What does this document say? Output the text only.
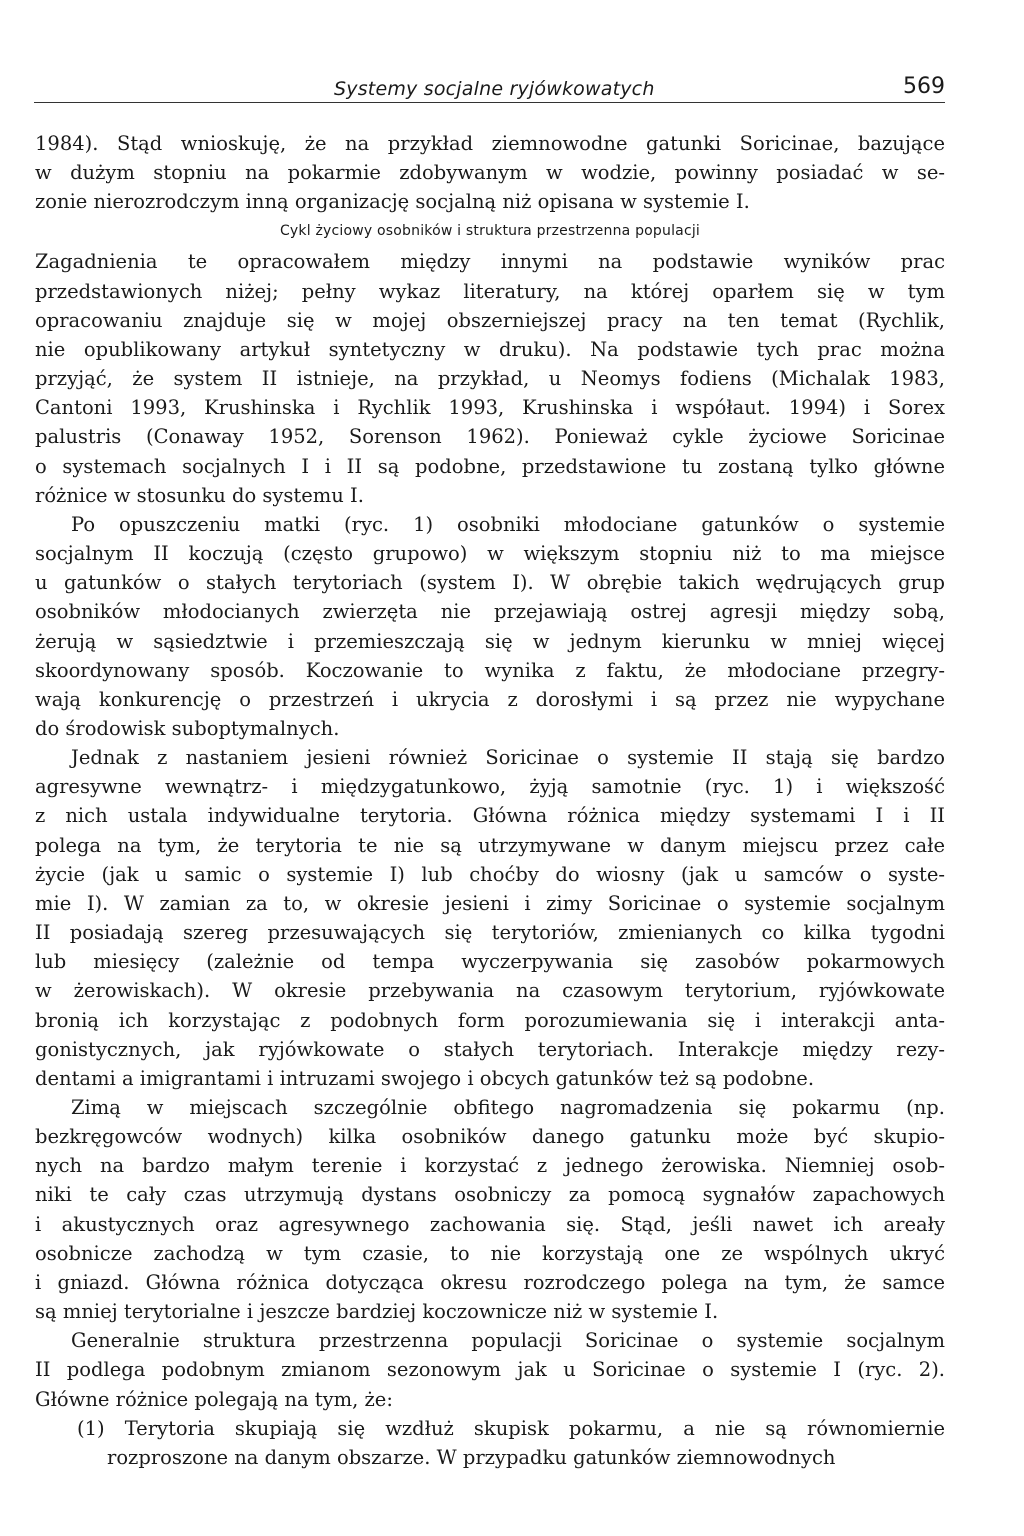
Systemy socjalne ryjówkowatych	569
1984). Stąd wnioskuję, że na przykład ziemnowodne gatunki Soricinae, bazujące
w dużym stopniu na pokarmie zdobywanym w wodzie, powinny posiadać w se-
zonie nierozrodczym inną organizację socjalną niż opisana w systemie I.
Cykl życiowy osobników i struktura przestrzenna populacji
Zagadnienia te opracowałem między innymi na podstawie wyników prac
przedstawionych niżej; pełny wykaz literatury, na której oparłem się w tym
opracowaniu znajduje się w mojej obszerniejszej pracy na ten temat (Rychlik,
nie opublikowany artykuł syntetyczny w druku). Na podstawie tych prac można
przyjąć, że system II istnieje, na przykład, u Neomys fodiens (Michalak 1983,
Cantoni 1993, Krushinska i Rychlik 1993, Krushinska i współaut. 1994) i Sorex
palustris (Conaway 1952, Sorenson 1962). Ponieważ cykle życiowe Soricinae
o systemach socjalnych I i II są podobne, przedstawione tu zostaną tylko główne
różnice w stosunku do systemu I.
Po opuszczeniu matki (ryc. 1) osobniki młodociane gatunków o systemie
socjalnym II koczują (często grupowo) w większym stopniu niż to ma miejsce
u gatunków o stałych terytoriach (system I). W obrębie takich wędrujących grup
osobników młodocianych zwierzęta nie przejawiają ostrej agresji między sobą,
żerują w sąsiedztwie i przemieszczają się w jednym kierunku w mniej więcej
skoordynowany sposób. Koczowanie to wynika z faktu, że młodociane przegry-
wają konkurencję o przestrzeń i ukrycia z dorosłymi i są przez nie wypychane
do środowisk suboptymalnych.
Jednak z nastaniem jesieni również Soricinae o systemie II stają się bardzo
agresywne wewnątrz- i międzygatunkowo, żyją samotnie (ryc. 1) i większość
z nich ustala indywidualne terytoria. Główna różnica między systemami I i II
polega na tym, że terytoria te nie są utrzymywane w danym miejscu przez całe
życie (jak u samic o systemie I) lub choćby do wiosny (jak u samców o syste-
mie I). W zamian za to, w okresie jesieni i zimy Soricinae o systemie socjalnym
II posiadają szereg przesuwających się terytoriów, zmienianych co kilka tygodni
lub miesięcy (zależnie od tempa wyczerpywania się zasobów pokarmowych
w żerowiskach). W okresie przebywania na czasowym terytorium, ryjówkowate
bronią ich korzystając z podobnych form porozumiewania się i interakcji anta-
gonistycznych, jak ryjówkowate o stałych terytoriach. Interakcje między rezy-
dentami a imigrantami i intruzami swojego i obcych gatunków też są podobne.
Zimą w miejscach szczególnie obfitego nagromadzenia się pokarmu (np.
bezkręgowców wodnych) kilka osobników danego gatunku może być skupio-
nych na bardzo małym terenie i korzystać z jednego żerowiska. Niemniej osob-
niki te cały czas utrzymują dystans osobniczy za pomocą sygnałów zapachowych
i akustycznych oraz agresywnego zachowania się. Stąd, jeśli nawet ich areały
osobnicze zachodzą w tym czasie, to nie korzystają one ze wspólnych ukryć
i gniazd. Główna różnica dotycząca okresu rozrodczego polega na tym, że samce
są mniej terytorialne i jeszcze bardziej koczownicze niż w systemie I.
Generalnie struktura przestrzenna populacji Soricinae o systemie socjalnym
II podlega podobnym zmianom sezonowym jak u Soricinae o systemie I (ryc. 2).
Główne różnice polegają na tym, że:
(1) Terytoria skupiają się wzdłuż skupisk pokarmu, a nie są równomiernie
rozproszone na danym obszarze. W przypadku gatunków ziemnowodnych
